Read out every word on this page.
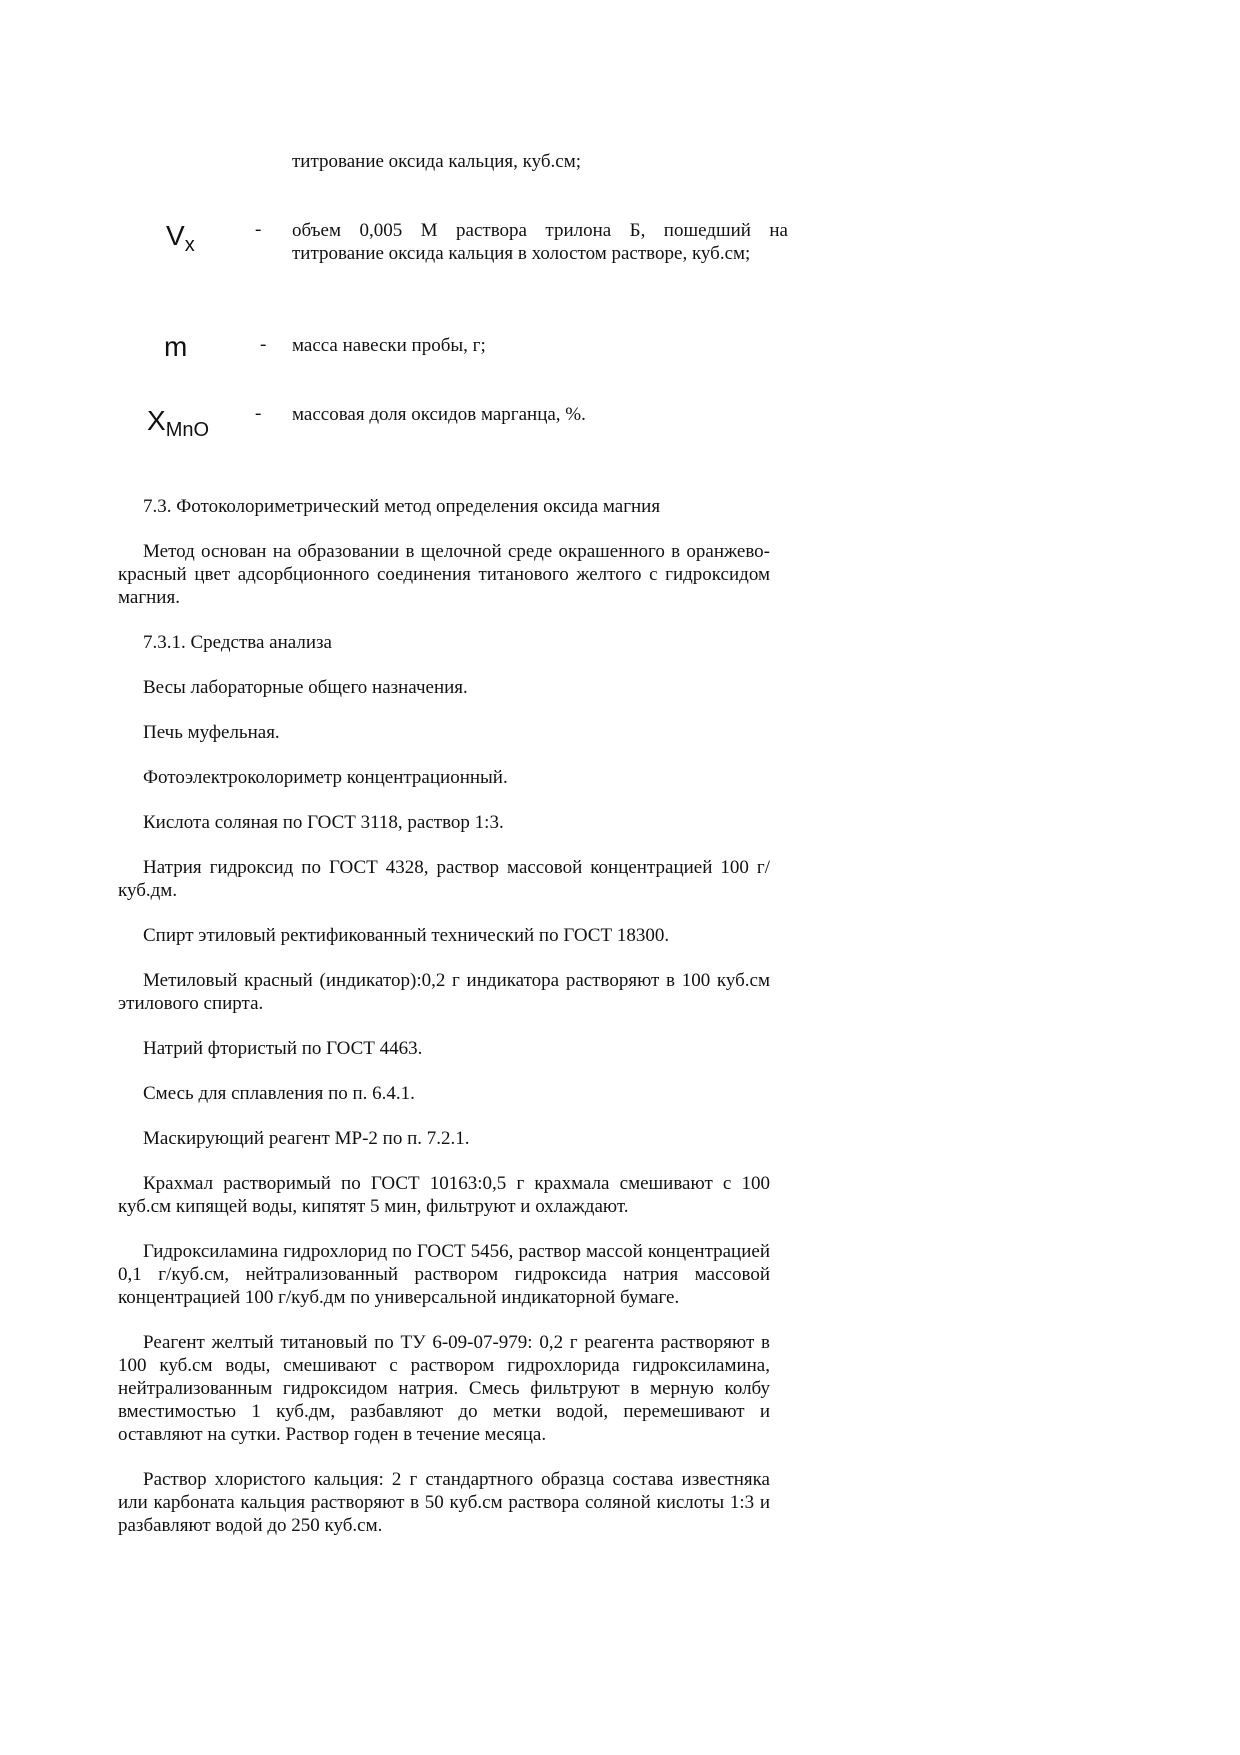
титрование оксида кальция, куб.см;
$V_x$
- объем 0,005 М раствора трилона Б, пошедший на титрование оксида кальция в холостом растворе, куб.см;
m	- масса навески пробы, г;
$X_{MnO}$
- массовая доля оксидов марганца, %.

7.3. Фотоколориметрический метод определения оксида магния

Метод основан на образовании в щелочной среде окрашенного в оранжево-красный цвет адсорбционного соединения титанового желтого с гидроксидом магния.

7.3.1. Средства анализа

Весы лабораторные общего назначения.

Печь муфельная.

Фотоэлектроколориметр концентрационный.

Кислота соляная по ГОСТ 3118, раствор 1:3.

Натрия гидроксид по ГОСТ 4328, раствор массовой концентрацией 100 г/куб.дм.

Спирт этиловый ректификованный технический по ГОСТ 18300.

Метиловый красный (индикатор):0,2 г индикатора растворяют в 100 куб.см этилового спирта.

Натрий фтористый по ГОСТ 4463.

Смесь для сплавления по п. 6.4.1.

Маскирующий реагент МР-2 по п. 7.2.1.

Крахмал растворимый по ГОСТ 10163:0,5 г крахмала смешивают с 100 куб.см кипящей воды, кипятят 5 мин, фильтруют и охлаждают.

Гидроксиламина гидрохлорид по ГОСТ 5456, раствор массой концентрацией 0,1 г/куб.см, нейтрализованный раствором гидроксида натрия массовой концентрацией 100 г/куб.дм по универсальной индикаторной бумаге.

Реагент желтый титановый по ТУ 6-09-07-979: 0,2 г реагента растворяют в 100 куб.см воды, смешивают с раствором гидрохлорида гидроксиламина, нейтрализованным гидроксидом натрия. Смесь фильтруют в мерную колбу вместимостью 1 куб.дм, разбавляют до метки водой, перемешивают и оставляют на сутки. Раствор годен в течение месяца.

Раствор хлористого кальция: 2 г стандартного образца состава известняка или карбоната кальция растворяют в 50 куб.см раствора соляной кислоты 1:3 и разбавляют водой до 250 куб.см.
